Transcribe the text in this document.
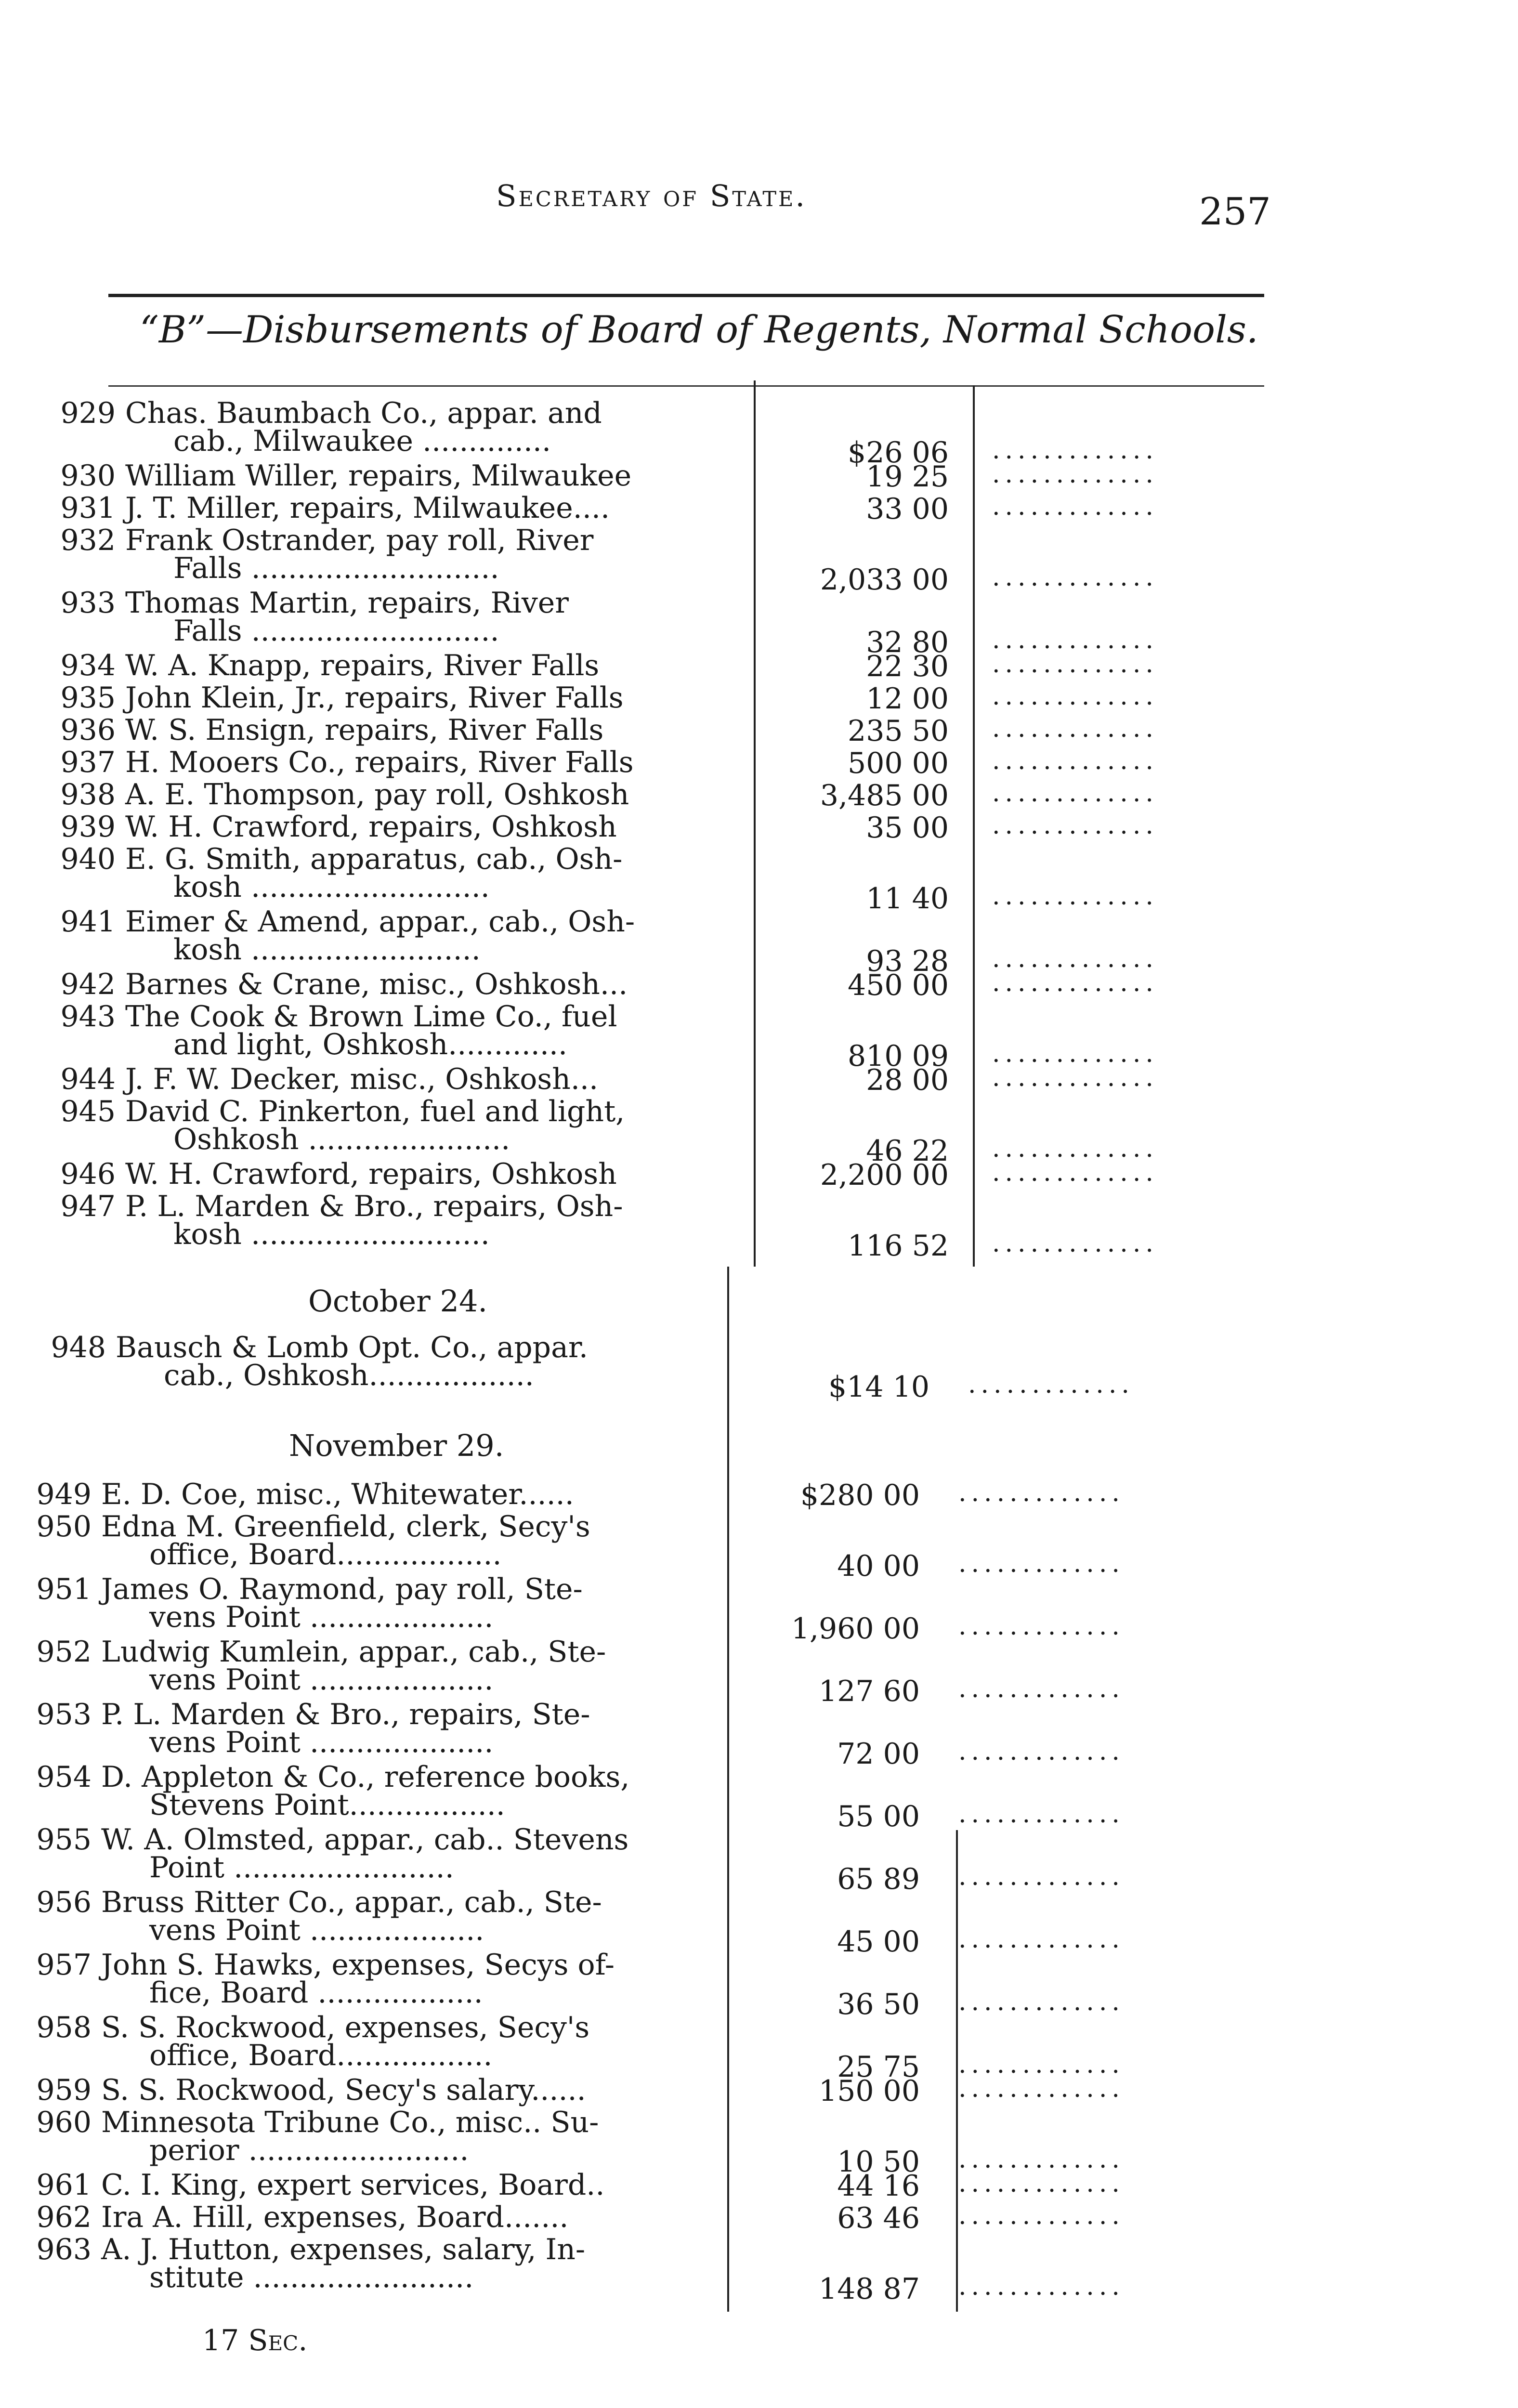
Secretary of State.	257
“B”—Disbursements of Board of Regents, Normal Schools.
October 24.
November 29.
17 Sec.
929 Chas. Baumbach Co., appar. and
cab., Milwaukee ..............	$26 06 .............
930 William Willer, repairs, Milwaukee	19 25 .............
931 J. T. Miller, repairs, Milwaukee....	33 00 .............
932 Frank Ostrander, pay roll, River
Falls ...........................	2,033 00 .............
933 Thomas Martin, repairs, River
Falls ...........................	32 80 .............
934 W. A. Knapp, repairs, River Falls	22 30 .............
935 John Klein, Jr., repairs, River Falls	12 00 .............
936 W. S. Ensign, repairs, River Falls	235 50 .............
937 H. Mooers Co., repairs, River Falls	500 00 .............
938 A. E. Thompson, pay roll, Oshkosh	3,485 00 .............
939 W. H. Crawford, repairs, Oshkosh	35 00 .............
940 E. G. Smith, apparatus, cab., Osh-
kosh ..........................	11 40 .............
941 Eimer & Amend, appar., cab., Osh-
kosh .........................	93 28 .............
942 Barnes & Crane, misc., Oshkosh...	450 00 .............
943 The Cook & Brown Lime Co., fuel
and light, Oshkosh.............	810 09 .............
944 J. F. W. Decker, misc., Oshkosh...	28 00 .............
945 David C. Pinkerton, fuel and light,
Oshkosh ......................	46 22 .............
946 W. H. Crawford, repairs, Oshkosh	2,200 00 .............
947 P. L. Marden & Bro., repairs, Osh-
kosh ..........................	116 52 .............
948 Bausch & Lomb Opt. Co., appar.
cab., Oshkosh..................	$14 10 .............
949 E. D. Coe, misc., Whitewater......	$280 00 .............
950 Edna M. Greenfield, clerk, Secy's
office, Board..................	40 00 .............
951 James O. Raymond, pay roll, Ste-
vens Point ....................	1,960 00 .............
952 Ludwig Kumlein, appar., cab., Ste-
vens Point ....................	127 60 .............
953 P. L. Marden & Bro., repairs, Ste-
vens Point ....................	72 00 .............
954 D. Appleton & Co., reference books,
Stevens Point.................	55 00 .............
955 W. A. Olmsted, appar., cab.. Stevens
Point ........................	65 89 .............
956 Bruss Ritter Co., appar., cab., Ste-
vens Point ...................	45 00 .............
957 John S. Hawks, expenses, Secys of-
fice, Board ..................	36 50 .............
958 S. S. Rockwood, expenses, Secy's
office, Board.................	25 75 .............
959 S. S. Rockwood, Secy's salary......	150 00 .............
960 Minnesota Tribune Co., misc.. Su-
perior ........................	10 50 .............
961 C. I. King, expert services, Board..	44 16 .............
962 Ira A. Hill, expenses, Board.......	63 46 .............
963 A. J. Hutton, expenses, salary, In-
stitute ........................	148 87 .............
